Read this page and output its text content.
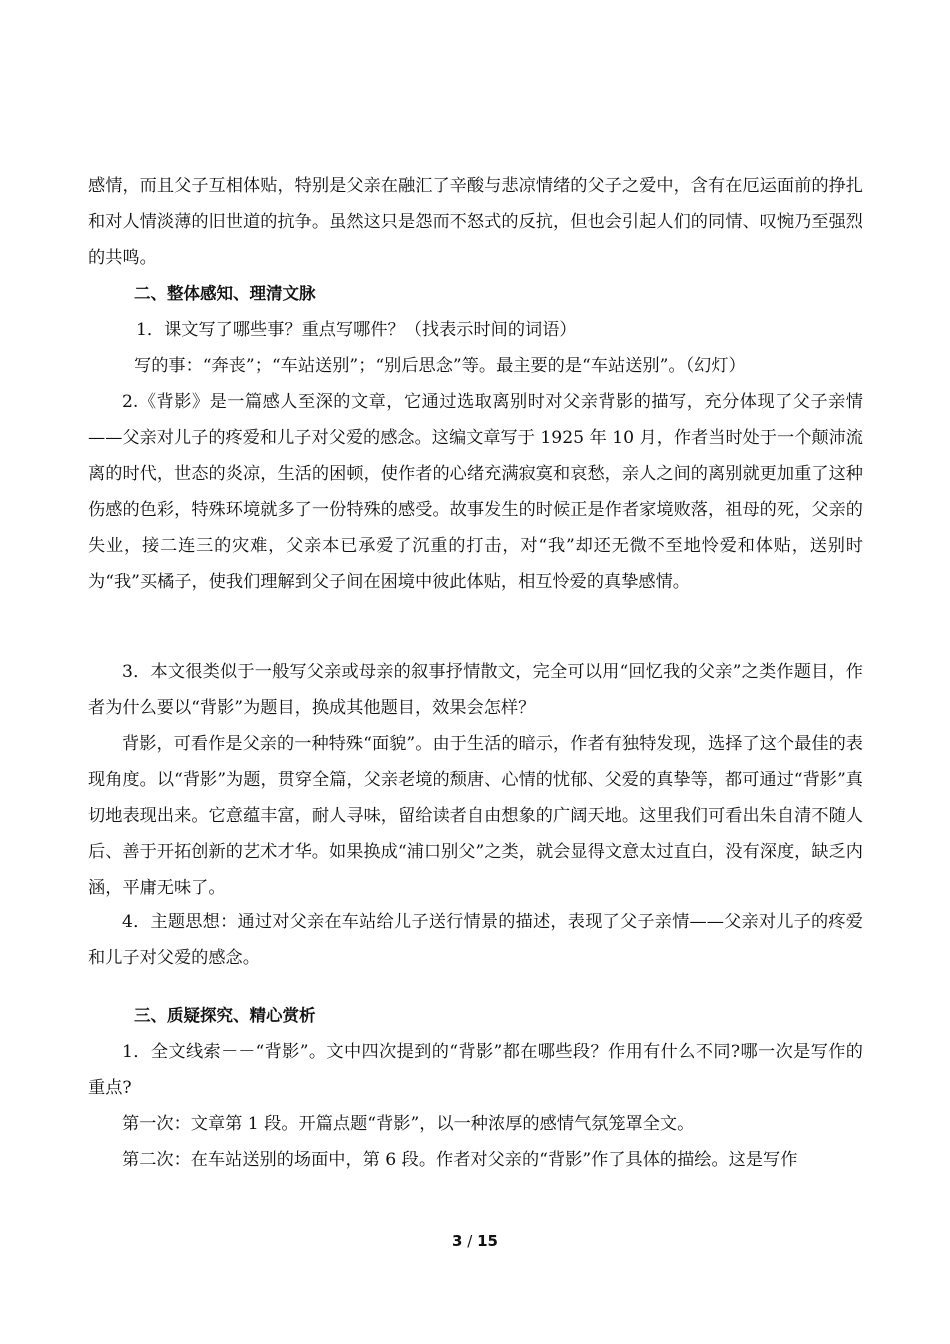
感情，而且父子互相体贴，特别是父亲在融汇了辛酸与悲凉情绪的父子之爱中，含有在厄运面前的挣扎和对人情淡薄的旧世道的抗争。虽然这只是怨而不怒式的反抗，但也会引起人们的同情、叹惋乃至强烈的共鸣。

二、整体感知、理清文脉

1．课文写了哪些事？重点写哪件？（找表示时间的词语）

写的事：“奔丧”；“车站送别”；“别后思念”等。最主要的是“车站送别”。（幻灯）

2.《背影》是一篇感人至深的文章，它通过选取离别时对父亲背影的描写，充分体现了父子亲情——父亲对儿子的疼爱和儿子对父爱的感念。这编文章写于 1925 年 10 月，作者当时处于一个颠沛流离的时代，世态的炎凉，生活的困顿，使作者的心绪充满寂寞和哀愁，亲人之间的离别就更加重了这种伤感的色彩，特殊环境就多了一份特殊的感受。故事发生的时候正是作者家境败落，祖母的死，父亲的失业，接二连三的灾难，父亲本已承爱了沉重的打击，对“我”却还无微不至地怜爱和体贴，送别时为“我”买橘子，使我们理解到父子间在困境中彼此体贴，相互怜爱的真挚感情。

3．本文很类似于一般写父亲或母亲的叙事抒情散文，完全可以用“回忆我的父亲”之类作题目，作者为什么要以“背影”为题目，换成其他题目，效果会怎样？

背影，可看作是父亲的一种特殊“面貌”。由于生活的暗示，作者有独特发现，选择了这个最佳的表现角度。以“背影”为题，贯穿全篇，父亲老境的颓唐、心情的忧郁、父爱的真挚等，都可通过“背影”真切地表现出来。它意蕴丰富，耐人寻味，留给读者自由想象的广阔天地。这里我们可看出朱自清不随人后、善于开拓创新的艺术才华。如果换成“浦口别父”之类，就会显得文意太过直白，没有深度，缺乏内涵，平庸无味了。

4．主题思想：通过对父亲在车站给儿子送行情景的描述，表现了父子亲情——父亲对儿子的疼爱和儿子对父爱的感念。

三、质疑探究、精心赏析

1．全文线索－－“背影”。文中四次提到的“背影”都在哪些段？作用有什么不同?哪一次是写作的重点?

第一次：文章第 1 段。开篇点题“背影”，以一种浓厚的感情气氛笼罩全文。

第二次：在车站送别的场面中，第 6 段。作者对父亲的“背影”作了具体的描绘。这是写作

3 / 15
